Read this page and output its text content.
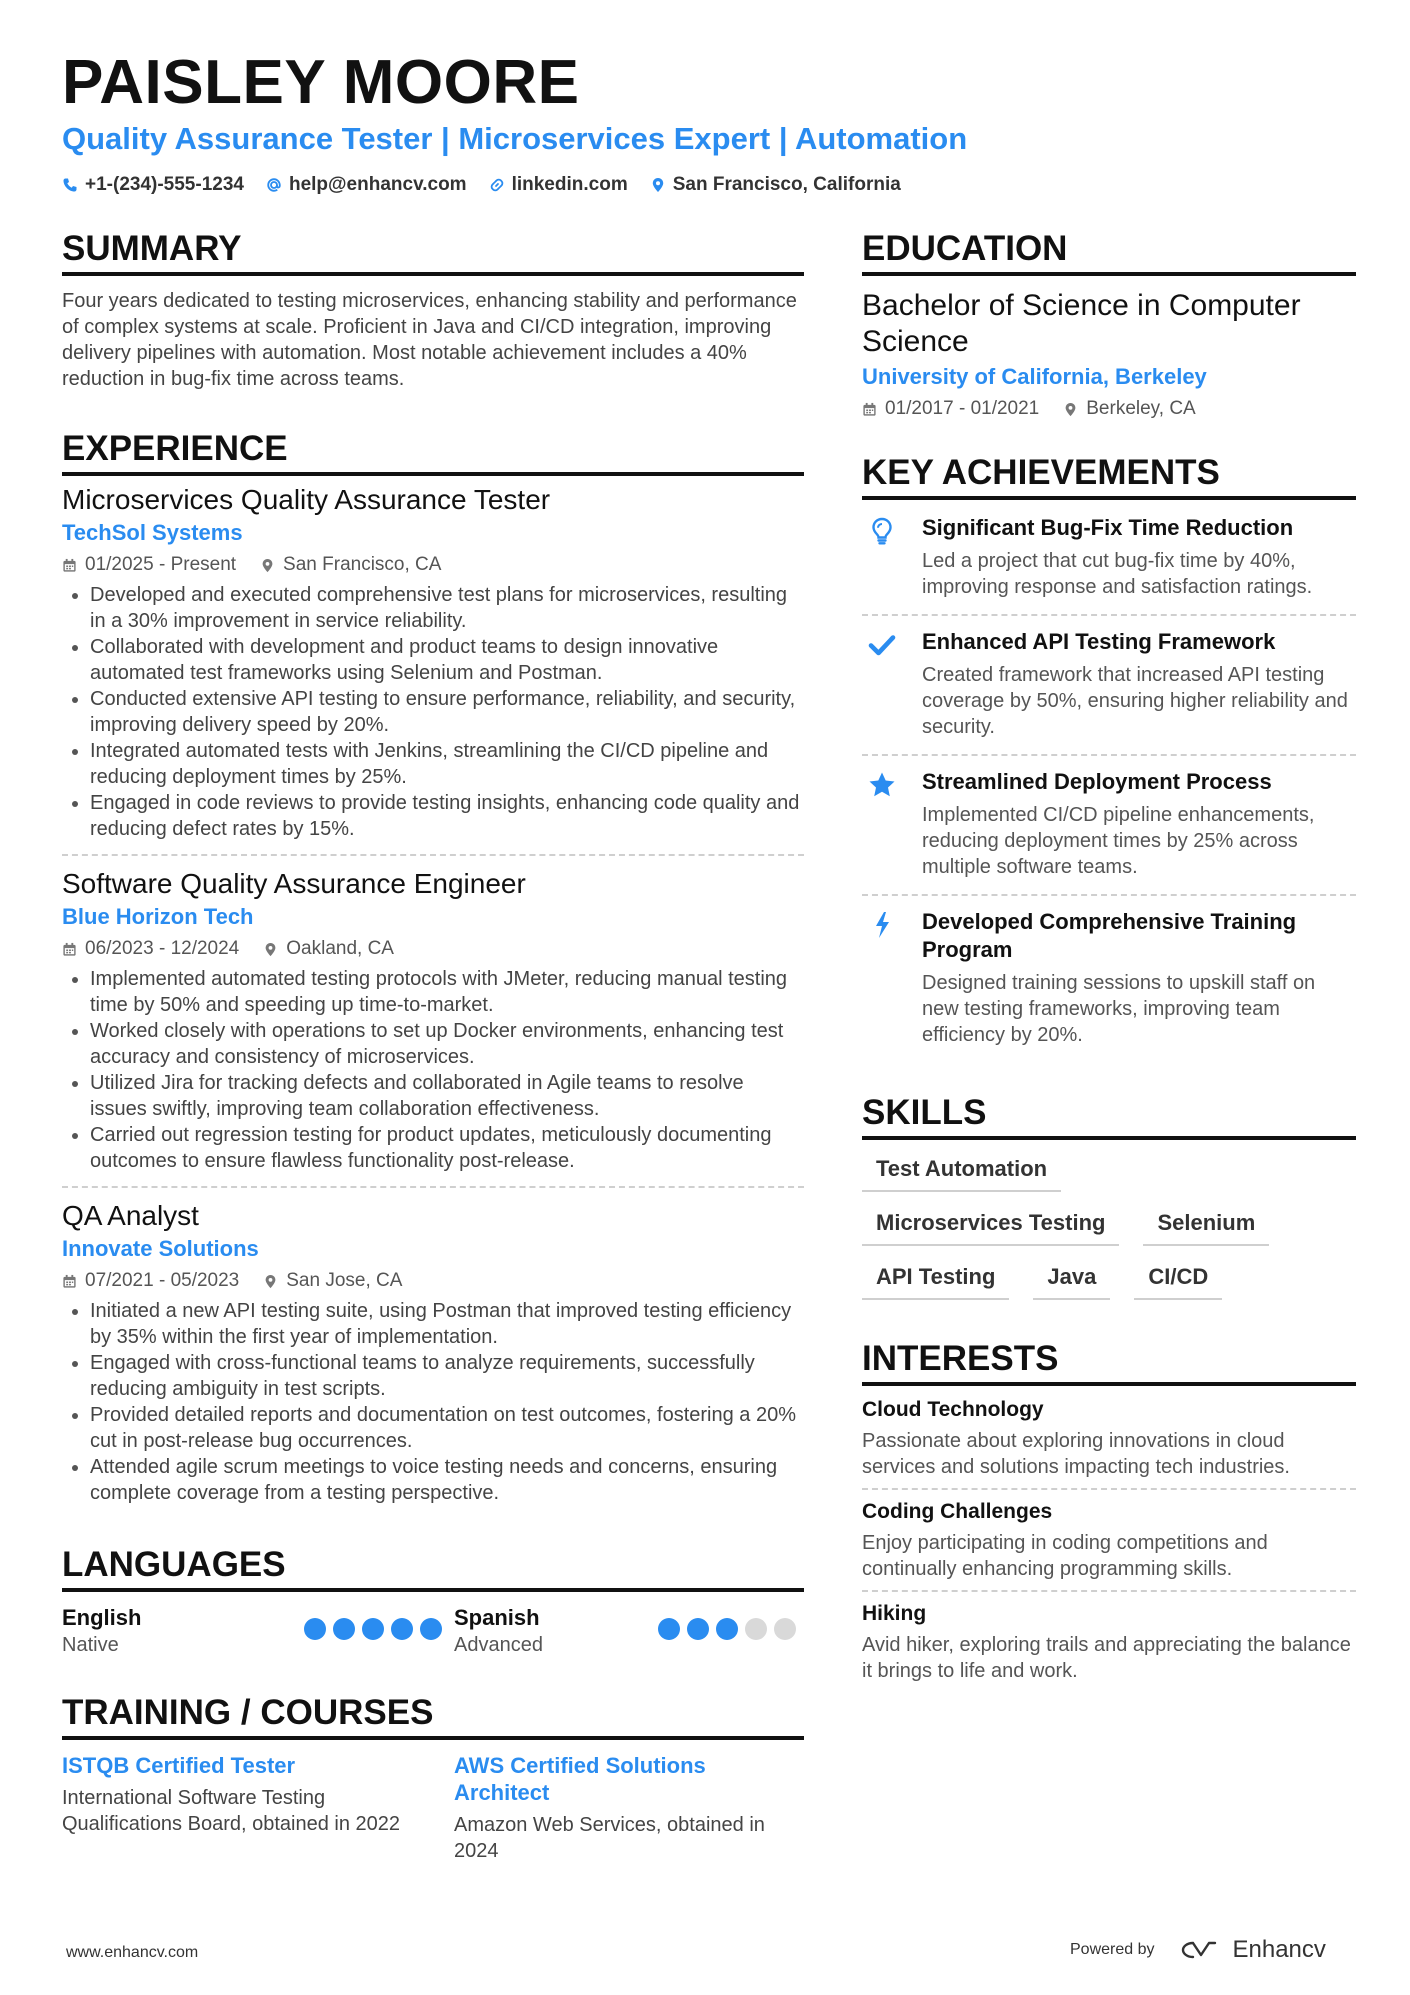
PAISLEY MOORE
Quality Assurance Tester | Microservices Expert | Automation
+1-(234)-555-1234 help@enhancv.com linkedin.com San Francisco, California
SUMMARY
Four years dedicated to testing microservices, enhancing stability and performance of complex systems at scale. Proficient in Java and CI/CD integration, improving delivery pipelines with automation. Most notable achievement includes a 40% reduction in bug-fix time across teams.
EXPERIENCE
Microservices Quality Assurance Tester
TechSol Systems
01/2025 - Present San Francisco, CA
Developed and executed comprehensive test plans for microservices, resulting in a 30% improvement in service reliability.
Collaborated with development and product teams to design innovative automated test frameworks using Selenium and Postman.
Conducted extensive API testing to ensure performance, reliability, and security, improving delivery speed by 20%.
Integrated automated tests with Jenkins, streamlining the CI/CD pipeline and reducing deployment times by 25%.
Engaged in code reviews to provide testing insights, enhancing code quality and reducing defect rates by 15%.
Software Quality Assurance Engineer
Blue Horizon Tech
06/2023 - 12/2024 Oakland, CA
Implemented automated testing protocols with JMeter, reducing manual testing time by 50% and speeding up time-to-market.
Worked closely with operations to set up Docker environments, enhancing test accuracy and consistency of microservices.
Utilized Jira for tracking defects and collaborated in Agile teams to resolve issues swiftly, improving team collaboration effectiveness.
Carried out regression testing for product updates, meticulously documenting outcomes to ensure flawless functionality post-release.
QA Analyst
Innovate Solutions
07/2021 - 05/2023 San Jose, CA
Initiated a new API testing suite, using Postman that improved testing efficiency by 35% within the first year of implementation.
Engaged with cross-functional teams to analyze requirements, successfully reducing ambiguity in test scripts.
Provided detailed reports and documentation on test outcomes, fostering a 20% cut in post-release bug occurrences.
Attended agile scrum meetings to voice testing needs and concerns, ensuring complete coverage from a testing perspective.
LANGUAGES
English
Native
Spanish
Advanced
TRAINING / COURSES
ISTQB Certified Tester
International Software Testing Qualifications Board, obtained in 2022
AWS Certified Solutions Architect
Amazon Web Services, obtained in 2024
EDUCATION
Bachelor of Science in Computer Science
University of California, Berkeley
01/2017 - 01/2021 Berkeley, CA
KEY ACHIEVEMENTS
Significant Bug-Fix Time Reduction
Led a project that cut bug-fix time by 40%, improving response and satisfaction ratings.
Enhanced API Testing Framework
Created framework that increased API testing coverage by 50%, ensuring higher reliability and security.
Streamlined Deployment Process
Implemented CI/CD pipeline enhancements, reducing deployment times by 25% across multiple software teams.
Developed Comprehensive Training Program
Designed training sessions to upskill staff on new testing frameworks, improving team efficiency by 20%.
SKILLS
Test Automation
Microservices Testing	Selenium
API Testing	Java	CI/CD
INTERESTS
Cloud Technology
Passionate about exploring innovations in cloud services and solutions impacting tech industries.
Coding Challenges
Enjoy participating in coding competitions and continually enhancing programming skills.
Hiking
Avid hiker, exploring trails and appreciating the balance it brings to life and work.
www.enhancv.com	Powered by	Enhancv
